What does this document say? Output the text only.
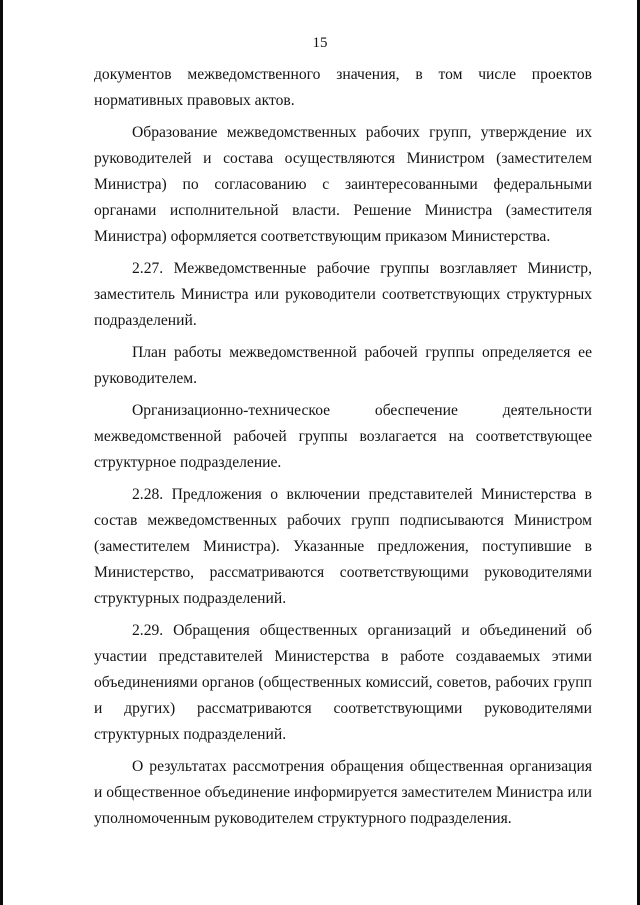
15

документов межведомственного значения, в том числе проектов нормативных правовых актов.

Образование межведомственных рабочих групп, утверждение их руководителей и состава осуществляются Министром (заместителем Министра) по согласованию с заинтересованными федеральными органами исполнительной власти. Решение Министра (заместителя Министра) оформляется соответствующим приказом Министерства.

2.27. Межведомственные рабочие группы возглавляет Министр, заместитель Министра или руководители соответствующих структурных подразделений.

План работы межведомственной рабочей группы определяется ее руководителем.

Организационно-техническое обеспечение деятельности межведомственной рабочей группы возлагается на соответствующее структурное подразделение.

2.28. Предложения о включении представителей Министерства в состав межведомственных рабочих групп подписываются Министром (заместителем Министра). Указанные предложения, поступившие в Министерство, рассматриваются соответствующими руководителями структурных подразделений.

2.29. Обращения общественных организаций и объединений об участии представителей Министерства в работе создаваемых этими объединениями органов (общественных комиссий, советов, рабочих групп и других) рассматриваются соответствующими руководителями структурных подразделений.

О результатах рассмотрения обращения общественная организация и общественное объединение информируется заместителем Министра или уполномоченным руководителем структурного подразделения.
